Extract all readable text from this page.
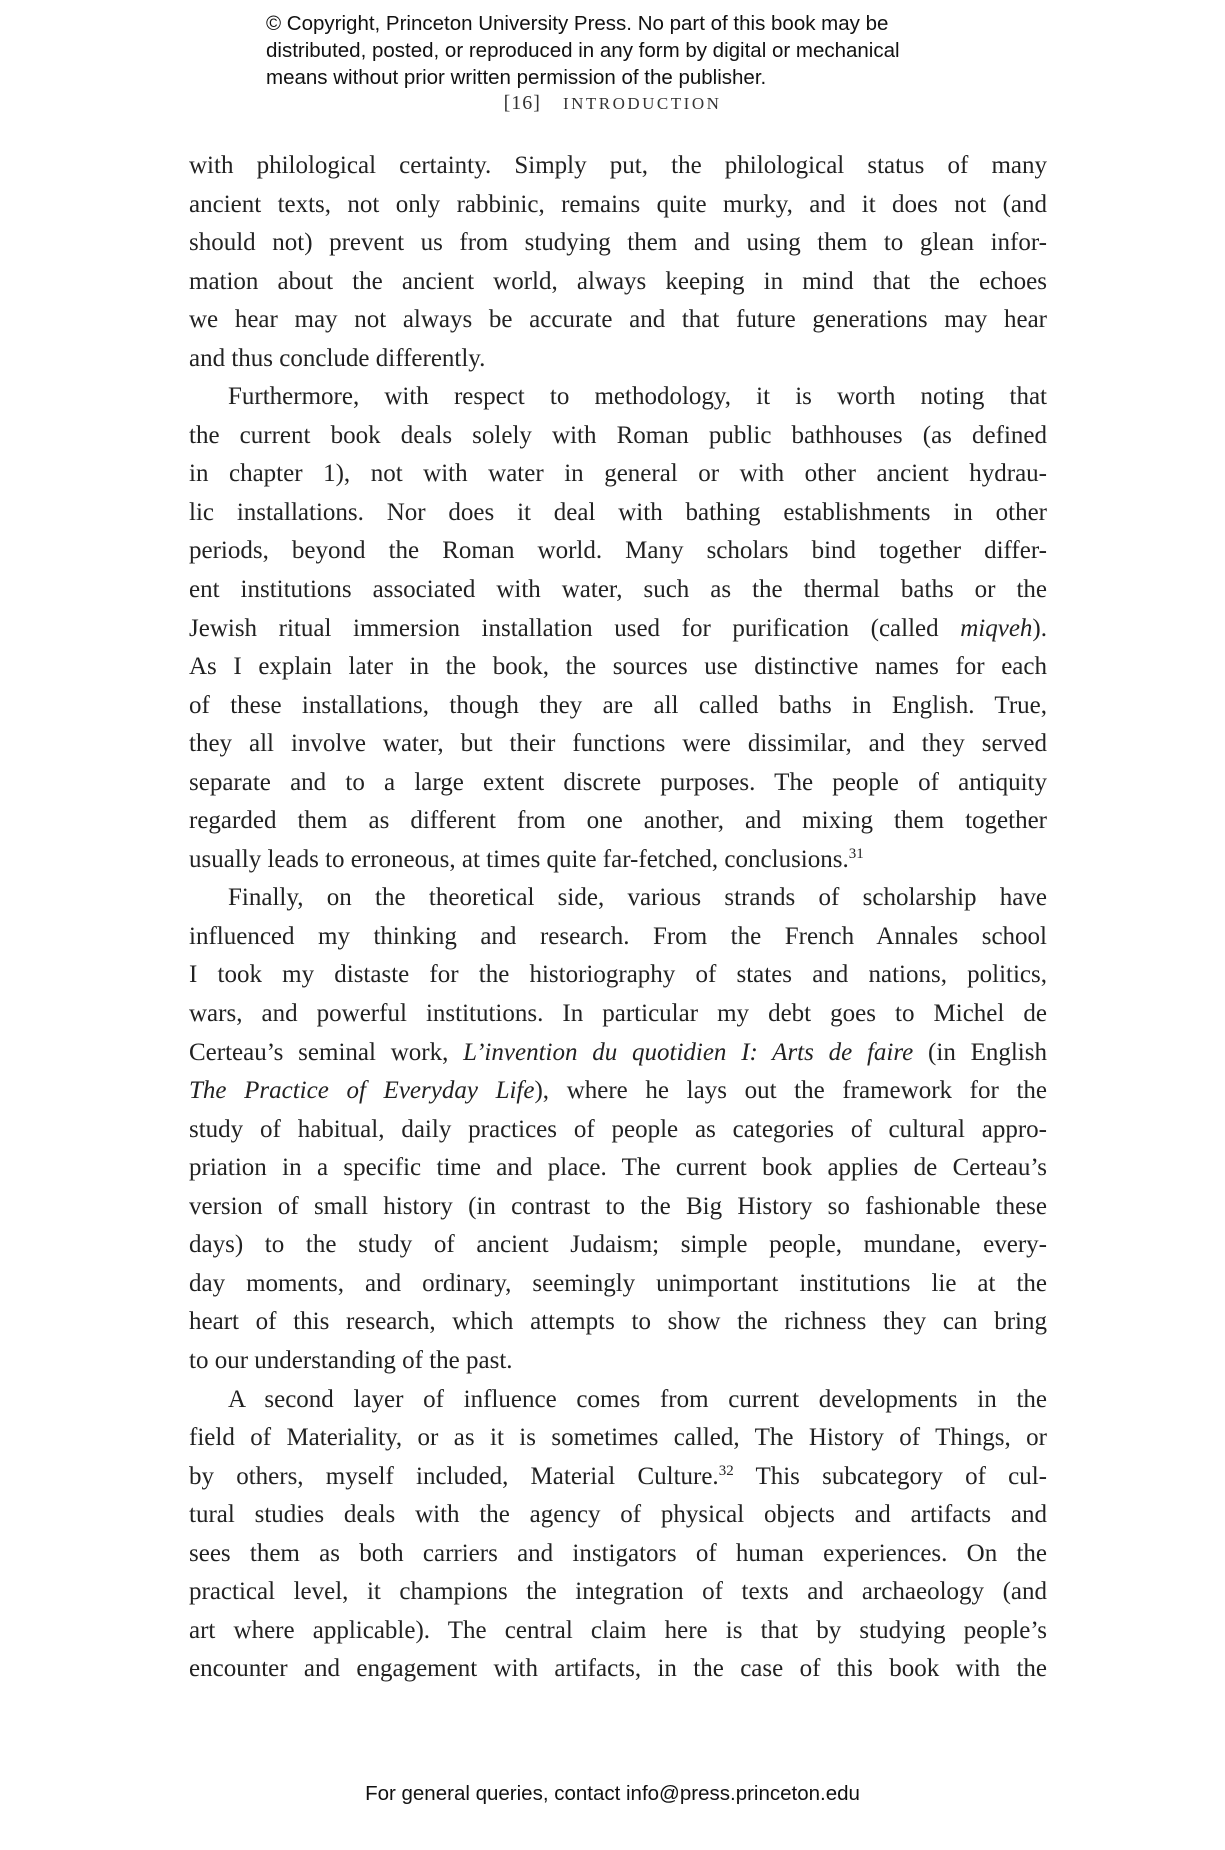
© Copyright, Princeton University Press. No part of this book may be
distributed, posted, or reproduced in any form by digital or mechanical
means without prior written permission of the publisher.
[16] INTRODUCTION
with philological certainty. Simply put, the philological status of many
ancient texts, not only rabbinic, remains quite murky, and it does not (and
should not) prevent us from studying them and using them to glean infor-
mation about the ancient world, always keeping in mind that the echoes
we hear may not always be accurate and that future generations may hear
and thus conclude differently.
Furthermore, with respect to methodology, it is worth noting that
the current book deals solely with Roman public bathhouses (as defined
in chapter 1), not with water in general or with other ancient hydrau-
lic installations. Nor does it deal with bathing establishments in other
periods, beyond the Roman world. Many scholars bind together differ-
ent institutions associated with water, such as the thermal baths or the
Jewish ritual immersion installation used for purification (called miqveh).
As I explain later in the book, the sources use distinctive names for each
of these installations, though they are all called baths in English. True,
they all involve water, but their functions were dissimilar, and they served
separate and to a large extent discrete purposes. The people of antiquity
regarded them as different from one another, and mixing them together
usually leads to erroneous, at times quite far-fetched, conclusions.$^{31}$
Finally, on the theoretical side, various strands of scholarship have
influenced my thinking and research. From the French Annales school
I took my distaste for the historiography of states and nations, politics,
wars, and powerful institutions. In particular my debt goes to Michel de
Certeau’s seminal work, L’invention du quotidien I: Arts de faire (in English
The Practice of Everyday Life), where he lays out the framework for the
study of habitual, daily practices of people as categories of cultural appro-
priation in a specific time and place. The current book applies de Certeau’s
version of small history (in contrast to the Big History so fashionable these
days) to the study of ancient Judaism; simple people, mundane, every-
day moments, and ordinary, seemingly unimportant institutions lie at the
heart of this research, which attempts to show the richness they can bring
to our understanding of the past.
A second layer of influence comes from current developments in the
field of Materiality, or as it is sometimes called, The History of Things, or
by others, myself included, Material Culture.$^{32}$ This subcategory of cul-
tural studies deals with the agency of physical objects and artifacts and
sees them as both carriers and instigators of human experiences. On the
practical level, it champions the integration of texts and archaeology (and
art where applicable). The central claim here is that by studying people’s
encounter and engagement with artifacts, in the case of this book with the
For general queries, contact info@press.princeton.edu
